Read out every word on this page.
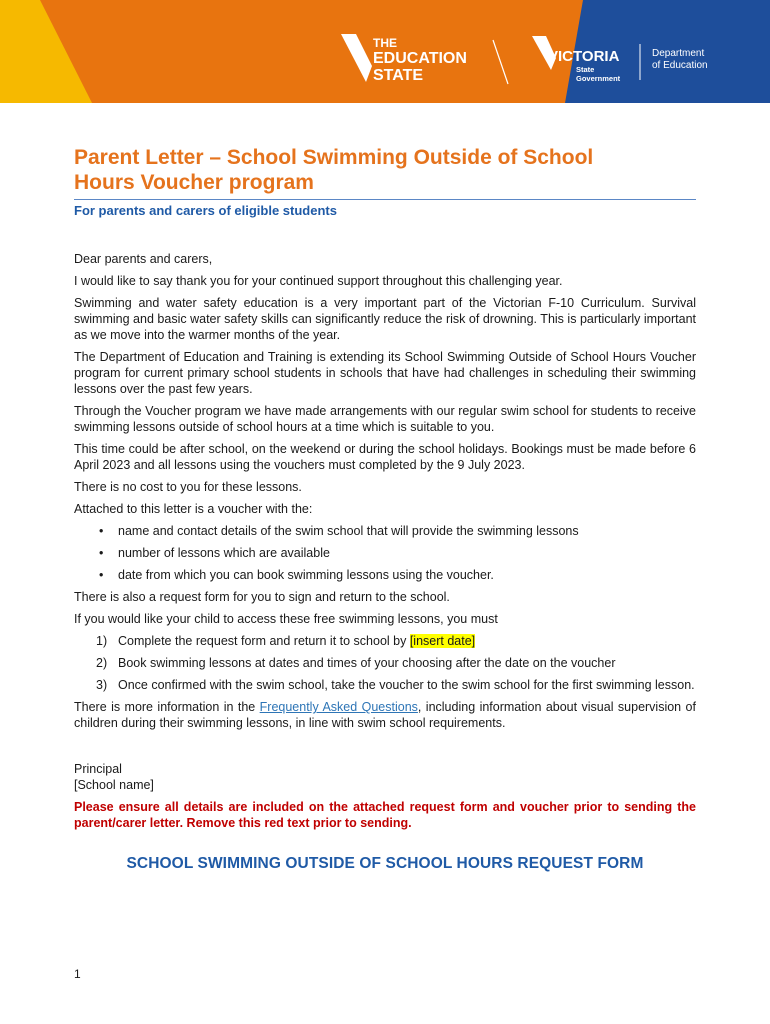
THE
EDUCATION
STATE
VICTORIA
State
Government
Department
of Education
Parent Letter – School Swimming Outside of School
Hours Voucher program
For parents and carers of eligible students

Dear parents and carers,

I would like to say thank you for your continued support throughout this challenging year.

Swimming and water safety education is a very important part of the Victorian F-10 Curriculum. Survival swimming and basic water safety skills can significantly reduce the risk of drowning. This is particularly important as we move into the warmer months of the year.

The Department of Education and Training is extending its School Swimming Outside of School Hours Voucher program for current primary school students in schools that have had challenges in scheduling their swimming lessons over the past few years.

Through the Voucher program we have made arrangements with our regular swim school for students to receive swimming lessons outside of school hours at a time which is suitable to you.

This time could be after school, on the weekend or during the school holidays. Bookings must be made before 6 April 2023 and all lessons using the vouchers must completed by the 9 July 2023.

There is no cost to you for these lessons.

Attached to this letter is a voucher with the:

• name and contact details of the swim school that will provide the swimming lessons
• number of lessons which are available
• date from which you can book swimming lessons using the voucher.

There is also a request form for you to sign and return to the school.

If you would like your child to access these free swimming lessons, you must

1) Complete the request form and return it to school by [insert date]
2) Book swimming lessons at dates and times of your choosing after the date on the voucher
3) Once confirmed with the swim school, take the voucher to the swim school for the first swimming lesson.

There is more information in the Frequently Asked Questions, including information about visual supervision of children during their swimming lessons, in line with swim school requirements.

Principal
[School name]

Please ensure all details are included on the attached request form and voucher prior to sending the parent/carer letter. Remove this red text prior to sending.

SCHOOL SWIMMING OUTSIDE OF SCHOOL HOURS REQUEST FORM
1
